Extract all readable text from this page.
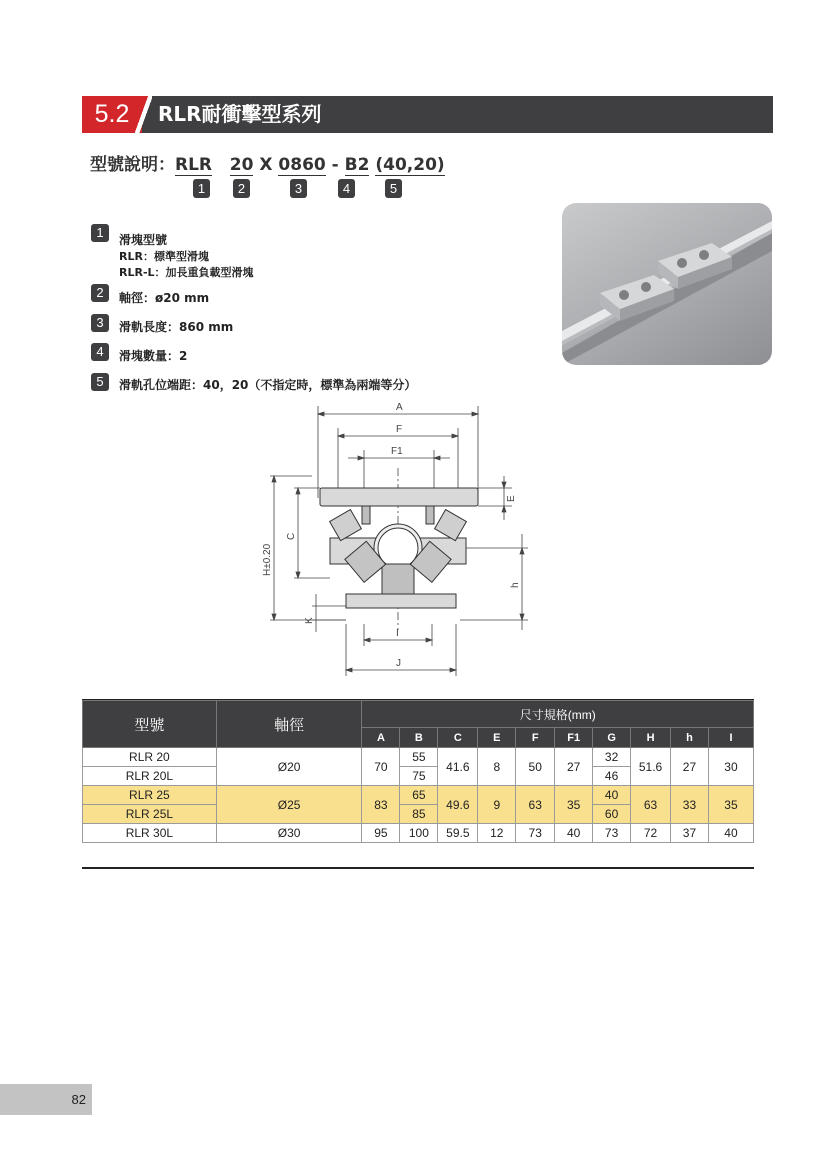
5.2	RLR耐衝擊型系列
型號說明：RLR 20 X 0860 - B2 (40,20)
1	2	3	4	5
1	滑塊型號
RLR：標準型滑塊
RLR-L：加長重負載型滑塊
2	軸徑：ø20 mm
3	滑軌長度：860 mm
4	滑塊數量：2
5	滑軌孔位端距：40，20（不指定時，標準為兩端等分）
A
F
F1
E
C
H±0.20
h
K
I
J
型號	軸徑	尺寸規格(mm)									
		A	B	C	E	F	F1	G	H	h	I
RLR 20	Ø20	70	55	41.6	8	50	27	32	51.6	27	30
RLR 20L			75					46			
RLR 25	Ø25	83	65	49.6	9	63	35	40	63	33	35
RLR 25L			85					60			
RLR 30L	Ø30	95	100	59.5	12	73	40	73	72	37	40
82
